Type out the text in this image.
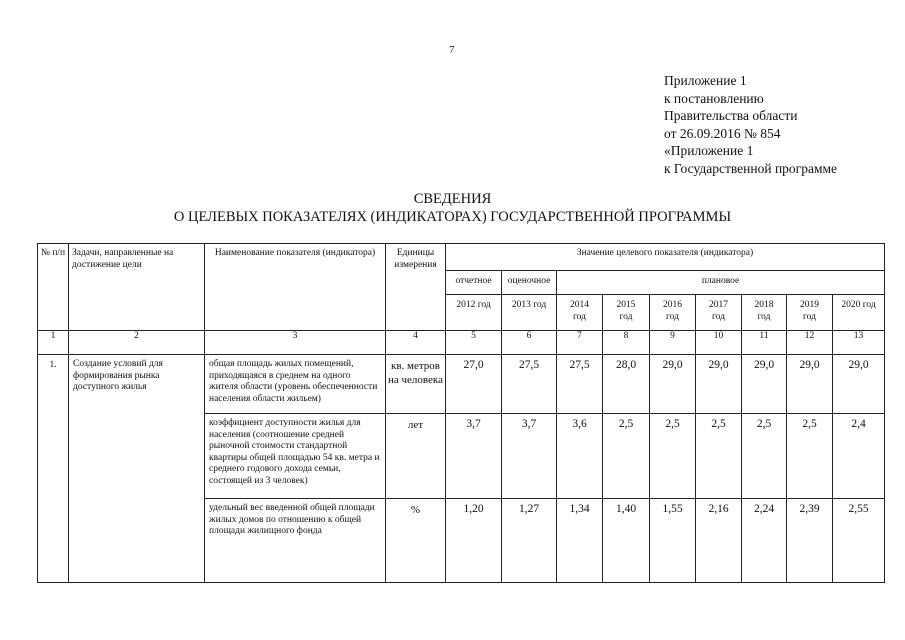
7
Приложение 1
к постановлению
Правительства области
от 26.09.2016 № 854
«Приложение 1
к Государственной программе
СВЕДЕНИЯ
О ЦЕЛЕВЫХ ПОКАЗАТЕЛЯХ (ИНДИКАТОРАХ) ГОСУДАРСТВЕННОЙ ПРОГРАММЫ
№ п/п	Задачи, направленные на достижение цели	Наименование показателя (индикатора)	Единицы измерения	Значение целевого показателя (индикатора)								
				отчетное	оценочное	плановое						
				2012 год	2013 год	2014 год	2015 год	2016 год	2017 год	2018 год	2019 год	2020 год
1	2	3	4	5	6	7	8	9	10	11	12	13
1.	Создание условий для формирования рынка доступного жилья	общая площадь жилых помещений, приходящаяся в среднем на одного жителя области (уровень обеспеченности населения области жильем)	кв. метров на человека	27,0	27,5	27,5	28,0	29,0	29,0	29,0	29,0	29,0
		коэффициент доступности жилья для населения (соотношение средней рыночной стоимости стандартной квартиры общей площадью 54 кв. метра и среднего годового дохода семьи, состоящей из 3 человек)	лет	3,7	3,7	3,6	2,5	2,5	2,5	2,5	2,5	2,4
		удельный вес введенной общей площади жилых домов по отношению к общей площади жилищного фонда	%	1,20	1,27	1,34	1,40	1,55	2,16	2,24	2,39	2,55
